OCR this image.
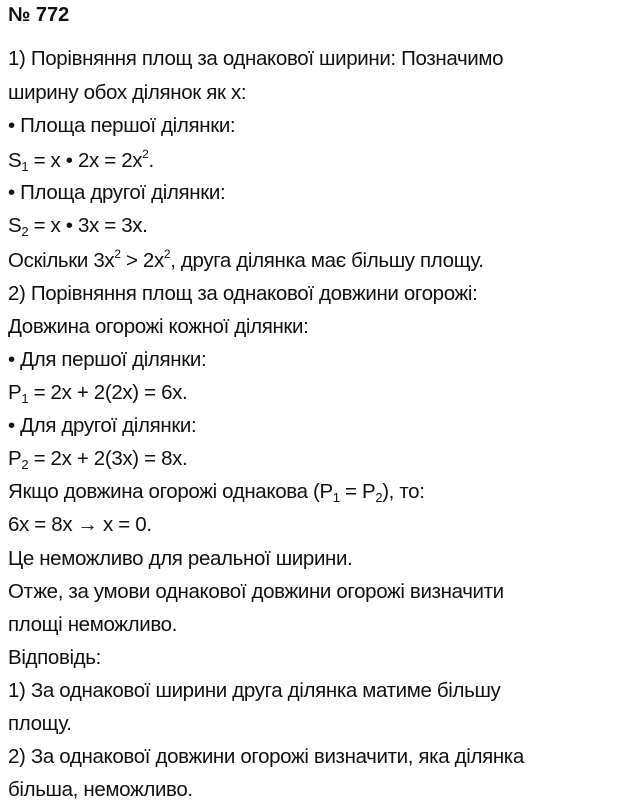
№ 772
1) Порівняння площ за однакової ширини: Позначимо
ширину обох ділянок як x:
• Площа першої ділянки:
$S_1 = x$ • $2x = 2x^2$.
• Площа другої ділянки:
$S_2 = x$ • 3x = 3x.
Оскільки $3x^2 > 2x^2$, друга ділянка має більшу площу.
2) Порівняння площ за однакової довжини огорожі:
Довжина огорожі кожної ділянки:
• Для першої ділянки:
$P_1 = 2x + 2(2x) = 6x$.
• Для другої ділянки:
$P_2 = 2x + 2(3x) = 8x$.
Якщо довжина огорожі однакова $(P_1 = P_2)$, то:
6x = 8x → x = 0.
Це неможливо для реальної ширини.
Отже, за умови однакової довжини огорожі визначити
площі неможливо.
Відповідь:
1) За однакової ширини друга ділянка матиме більшу
площу.
2) За однакової довжини огорожі визначити, яка ділянка
більша, неможливо.
